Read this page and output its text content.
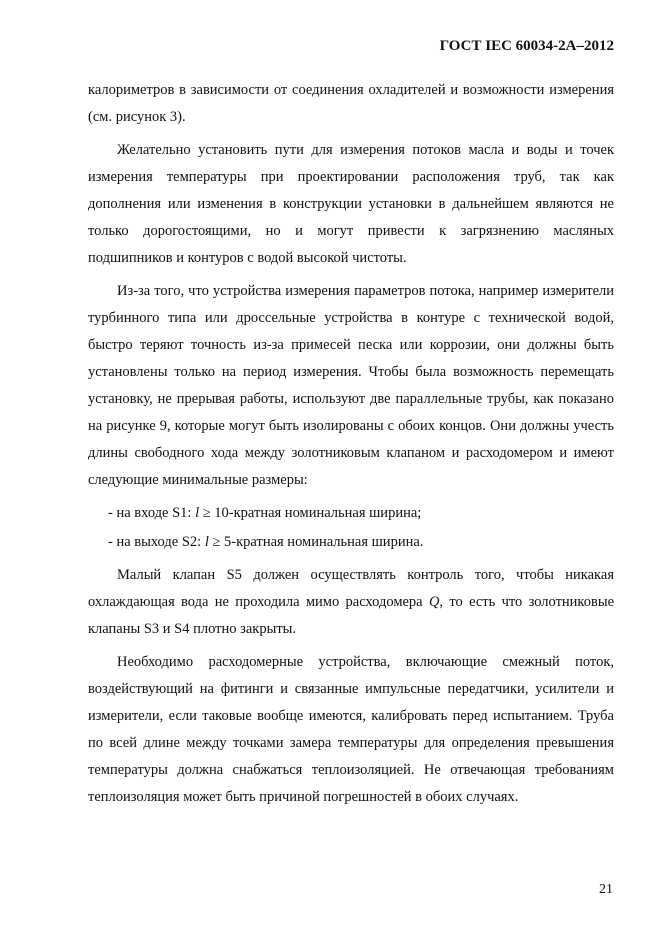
ГОСТ IEC 60034-2A–2012

калориметров в зависимости от соединения охладителей и возможности измерения (см. рисунок 3).

Желательно установить пути для измерения потоков масла и воды и точек измерения температуры при проектировании расположения труб, так как дополнения или изменения в конструкции установки в дальнейшем являются не только дорогостоящими, но и могут привести к загрязнению масляных подшипников и контуров с водой высокой чистоты.

Из-за того, что устройства измерения параметров потока, например измерители турбинного типа или дроссельные устройства в контуре с технической водой, быстро теряют точность из-за примесей песка или коррозии, они должны быть установлены только на период измерения. Чтобы была возможность перемещать установку, не прерывая работы, используют две параллельные трубы, как показано на рисунке 9, которые могут быть изолированы с обоих концов. Они должны учесть длины свободного хода между золотниковым клапаном и расходомером и имеют следующие минимальные размеры:

- на входе S1: l ≥ 10-кратная номинальная ширина;

- на выходе S2: l ≥ 5-кратная номинальная ширина.

Малый клапан S5 должен осуществлять контроль того, чтобы никакая охлаждающая вода не проходила мимо расходомера Q, то есть что золотниковые клапаны S3 и S4 плотно закрыты.

Необходимо расходомерные устройства, включающие смежный поток, воздействующий на фитинги и связанные импульсные передатчики, усилители и измерители, если таковые вообще имеются, калибровать перед испытанием. Труба по всей длине между точками замера температуры для определения превышения температуры должна снабжаться теплоизоляцией. Не отвечающая требованиям теплоизоляция может быть причиной погрешностей в обоих случаях.

21
